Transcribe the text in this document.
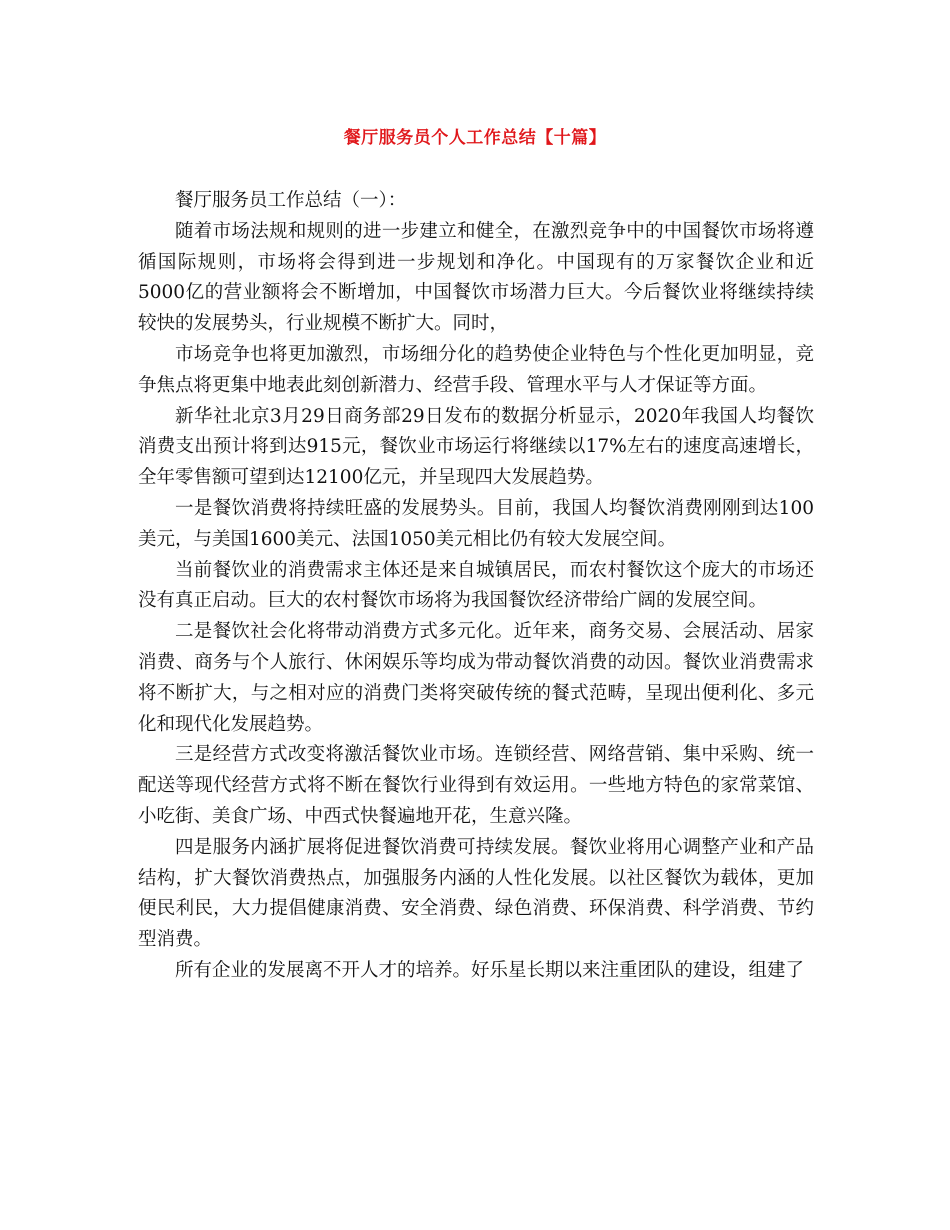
餐厅服务员个人工作总结【十篇】

餐厅服务员工作总结（一）：

随着市场法规和规则的进一步建立和健全，在激烈竞争中的中国餐饮市场将遵循国际规则，市场将会得到进一步规划和净化。中国现有的万家餐饮企业和近5000亿的营业额将会不断增加，中国餐饮市场潜力巨大。今后餐饮业将继续持续较快的发展势头，行业规模不断扩大。同时，

市场竞争也将更加激烈，市场细分化的趋势使企业特色与个性化更加明显，竞争焦点将更集中地表此刻创新潜力、经营手段、管理水平与人才保证等方面。

新华社北京3月29日商务部29日发布的数据分析显示，2020年我国人均餐饮消费支出预计将到达915元，餐饮业市场运行将继续以17%左右的速度高速增长，全年零售额可望到达12100亿元，并呈现四大发展趋势。

一是餐饮消费将持续旺盛的发展势头。目前，我国人均餐饮消费刚刚到达100美元，与美国1600美元、法国1050美元相比仍有较大发展空间。

当前餐饮业的消费需求主体还是来自城镇居民，而农村餐饮这个庞大的市场还没有真正启动。巨大的农村餐饮市场将为我国餐饮经济带给广阔的发展空间。

二是餐饮社会化将带动消费方式多元化。近年来，商务交易、会展活动、居家消费、商务与个人旅行、休闲娱乐等均成为带动餐饮消费的动因。餐饮业消费需求将不断扩大，与之相对应的消费门类将突破传统的餐式范畴，呈现出便利化、多元化和现代化发展趋势。

三是经营方式改变将激活餐饮业市场。连锁经营、网络营销、集中采购、统一配送等现代经营方式将不断在餐饮行业得到有效运用。一些地方特色的家常菜馆、小吃街、美食广场、中西式快餐遍地开花，生意兴隆。

四是服务内涵扩展将促进餐饮消费可持续发展。餐饮业将用心调整产业和产品结构，扩大餐饮消费热点，加强服务内涵的人性化发展。以社区餐饮为载体，更加便民利民，大力提倡健康消费、安全消费、绿色消费、环保消费、科学消费、节约型消费。

所有企业的发展离不开人才的培养。好乐星长期以来注重团队的建设，组建了
